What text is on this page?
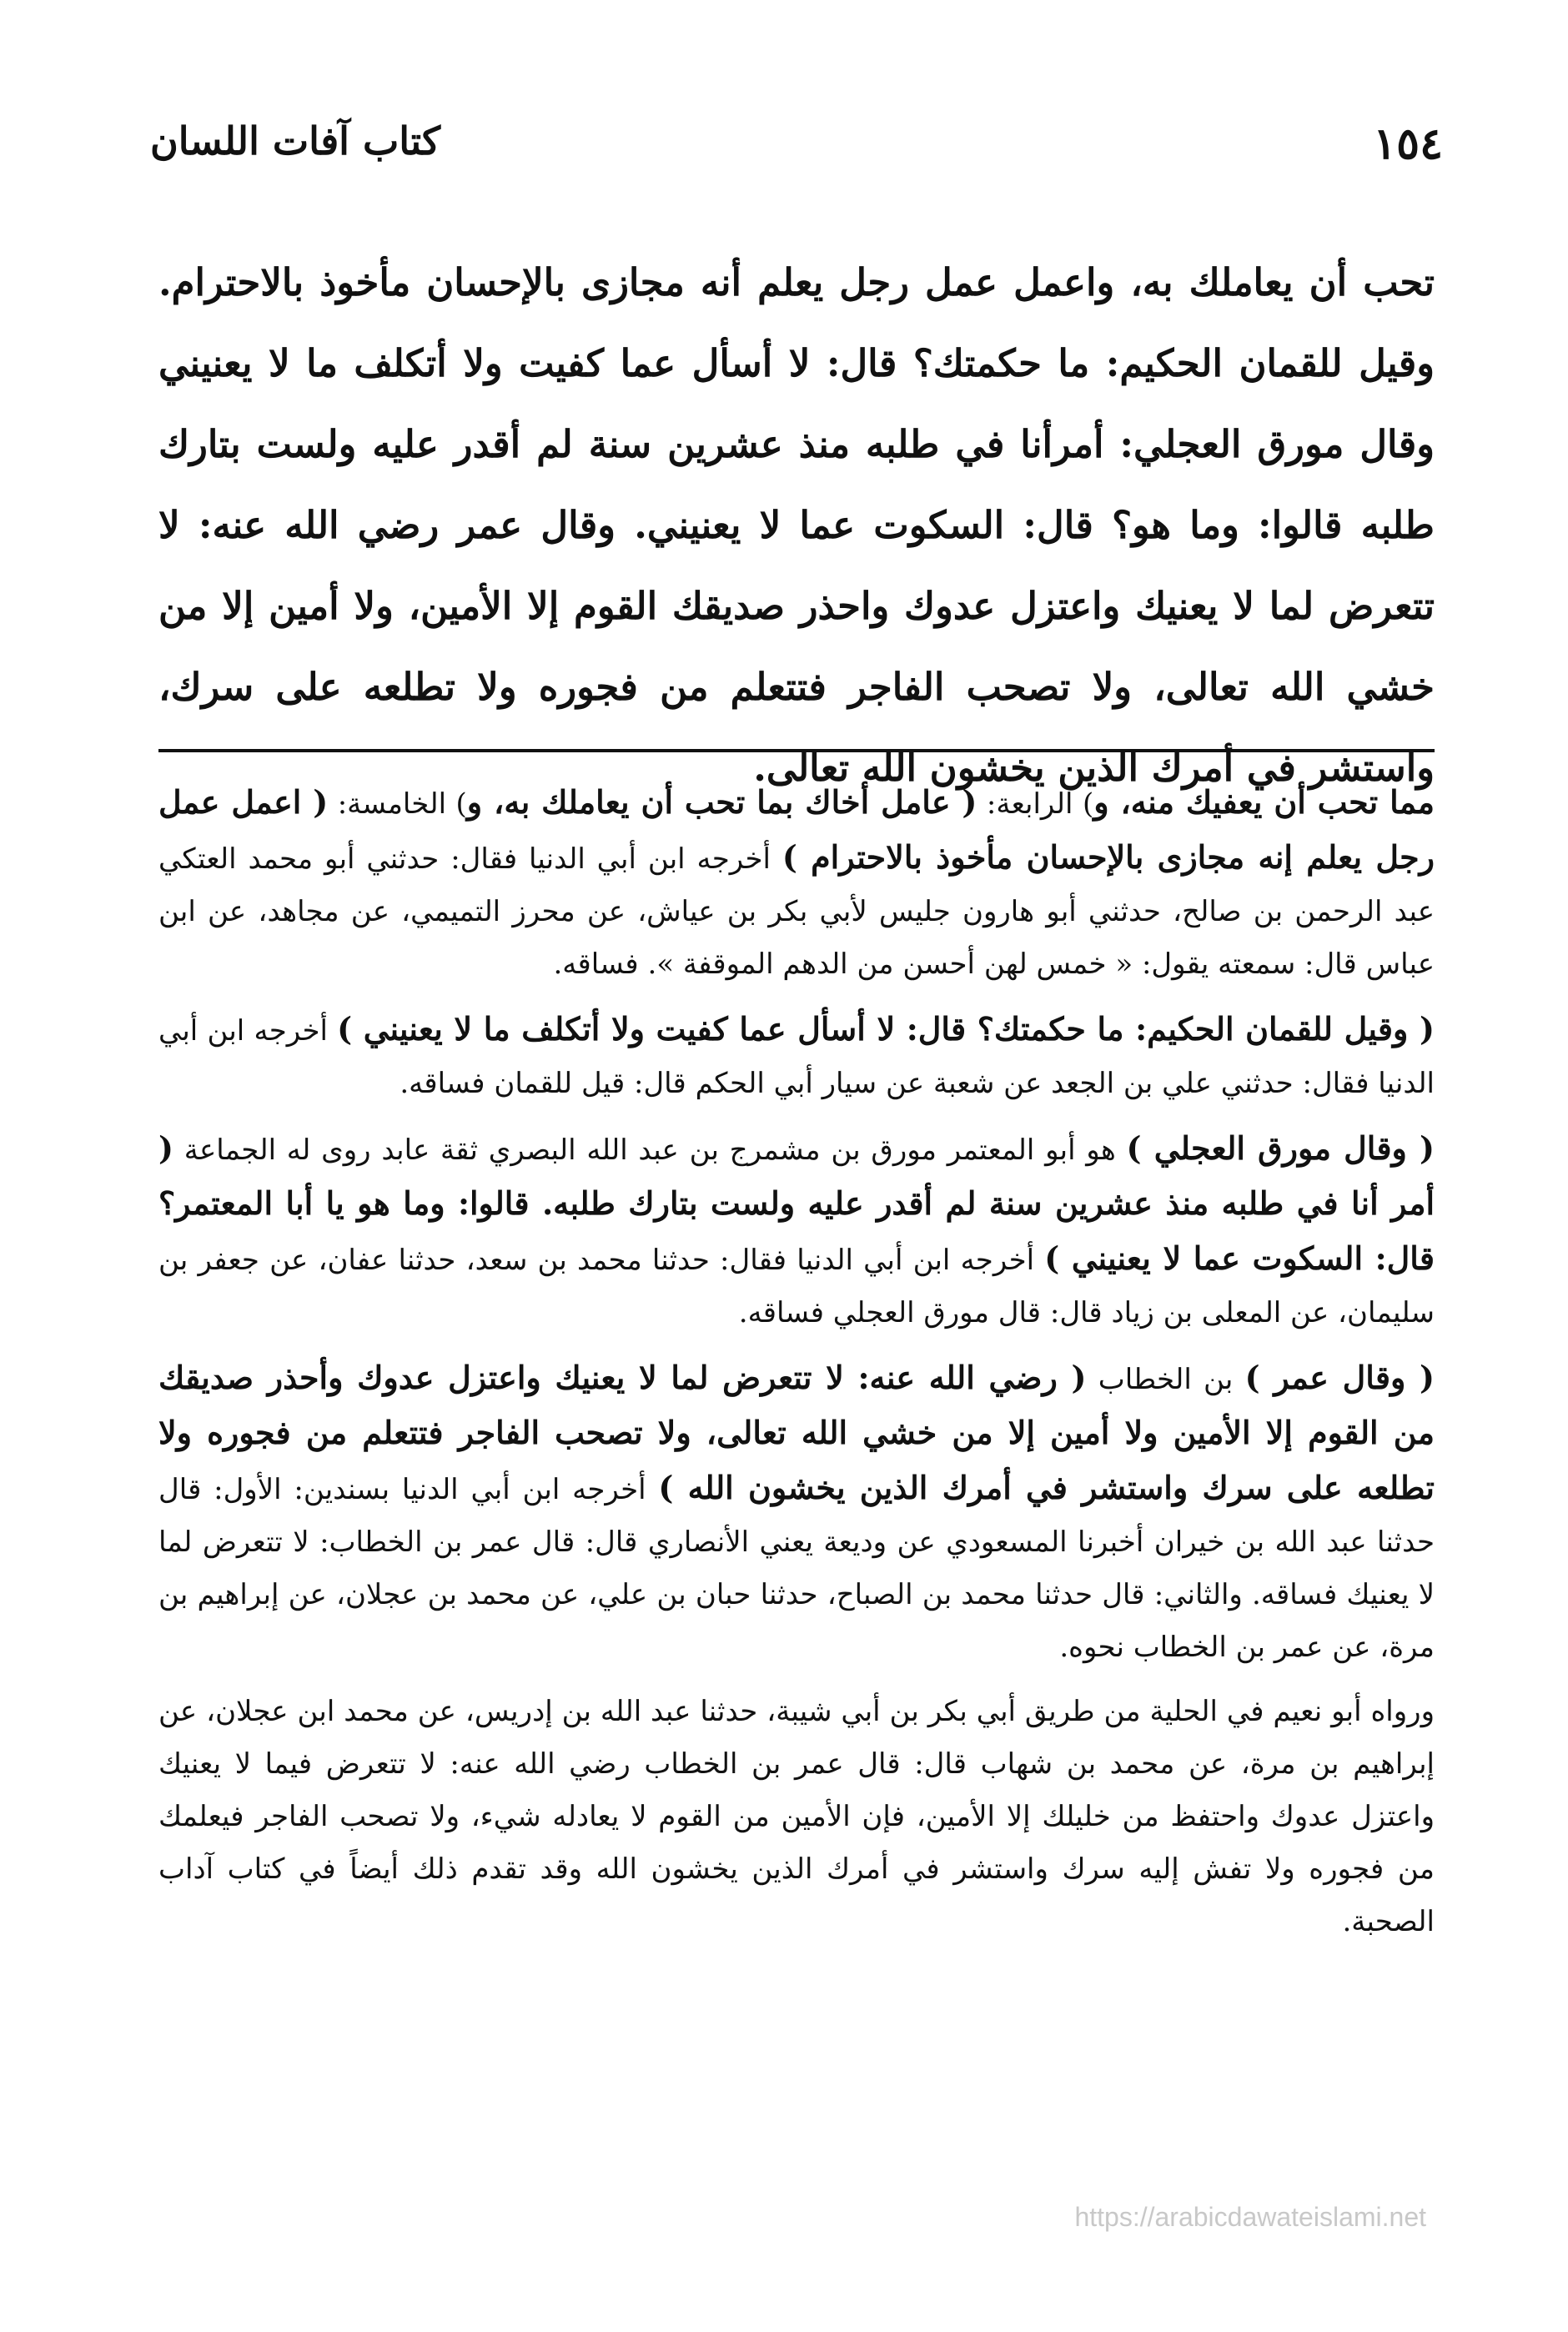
١٥٤
كتاب آفات اللسان

تحب أن يعاملك به، واعمل عمل رجل يعلم أنه مجازى بالإحسان مأخوذ بالاحترام. وقيل للقمان الحكيم: ما حكمتك؟ قال: لا أسأل عما كفيت ولا أتكلف ما لا يعنيني وقال مورق العجلي: أمرأنا في طلبه منذ عشرين سنة لم أقدر عليه ولست بتارك طلبه قالوا: وما هو؟ قال: السكوت عما لا يعنيني. وقال عمر رضي الله عنه: لا تتعرض لما لا يعنيك واعتزل عدوك واحذر صديقك القوم إلا الأمين، ولا أمين إلا من خشي الله تعالى، ولا تصحب الفاجر فتتعلم من فجوره ولا تطلعه على سرك، واستشر في أمرك الذين يخشون الله تعالى.

مما تحب أن يعفيك منه، و) الرابعة: ( عامل أخاك بما تحب أن يعاملك به، و) الخامسة: ( اعمل عمل رجل يعلم إنه مجازى بالإحسان مأخوذ بالاحترام ) أخرجه ابن أبي الدنيا فقال: حدثني أبو محمد العتكي عبد الرحمن بن صالح، حدثني أبو هارون جليس لأبي بكر بن عياش، عن محرز التميمي، عن مجاهد، عن ابن عباس قال: سمعته يقول: « خمس لهن أحسن من الدهم الموقفة ». فساقه.

( وقيل للقمان الحكيم: ما حكمتك؟ قال: لا أسأل عما كفيت ولا أتكلف ما لا يعنيني ) أخرجه ابن أبي الدنيا فقال: حدثني علي بن الجعد عن شعبة عن سيار أبي الحكم قال: قيل للقمان فساقه.

( وقال مورق العجلي ) هو أبو المعتمر مورق بن مشمرج بن عبد الله البصري ثقة عابد روى له الجماعة ( أمر أنا في طلبه منذ عشرين سنة لم أقدر عليه ولست بتارك طلبه. قالوا: وما هو يا أبا المعتمر؟ قال: السكوت عما لا يعنيني ) أخرجه ابن أبي الدنيا فقال: حدثنا محمد بن سعد، حدثنا عفان، عن جعفر بن سليمان، عن المعلى بن زياد قال: قال مورق العجلي فساقه.

( وقال عمر ) بن الخطاب ( رضي الله عنه: لا تتعرض لما لا يعنيك واعتزل عدوك وأحذر صديقك من القوم إلا الأمين ولا أمين إلا من خشي الله تعالى، ولا تصحب الفاجر فتتعلم من فجوره ولا تطلعه على سرك واستشر في أمرك الذين يخشون الله ) أخرجه ابن أبي الدنيا بسندين: الأول: قال حدثنا عبد الله بن خيران أخبرنا المسعودي عن وديعة يعني الأنصاري قال: قال عمر بن الخطاب: لا تتعرض لما لا يعنيك فساقه. والثاني: قال حدثنا محمد بن الصباح، حدثنا حبان بن علي، عن محمد بن عجلان، عن إبراهيم بن مرة، عن عمر بن الخطاب نحوه.

ورواه أبو نعيم في الحلية من طريق أبي بكر بن أبي شيبة، حدثنا عبد الله بن إدريس، عن محمد ابن عجلان، عن إبراهيم بن مرة، عن محمد بن شهاب قال: قال عمر بن الخطاب رضي الله عنه: لا تتعرض فيما لا يعنيك واعتزل عدوك واحتفظ من خليلك إلا الأمين، فإن الأمين من القوم لا يعادله شيء، ولا تصحب الفاجر فيعلمك من فجوره ولا تفش إليه سرك واستشر في أمرك الذين يخشون الله وقد تقدم ذلك أيضاً في كتاب آداب الصحبة.

https://arabicdawateislami.net
